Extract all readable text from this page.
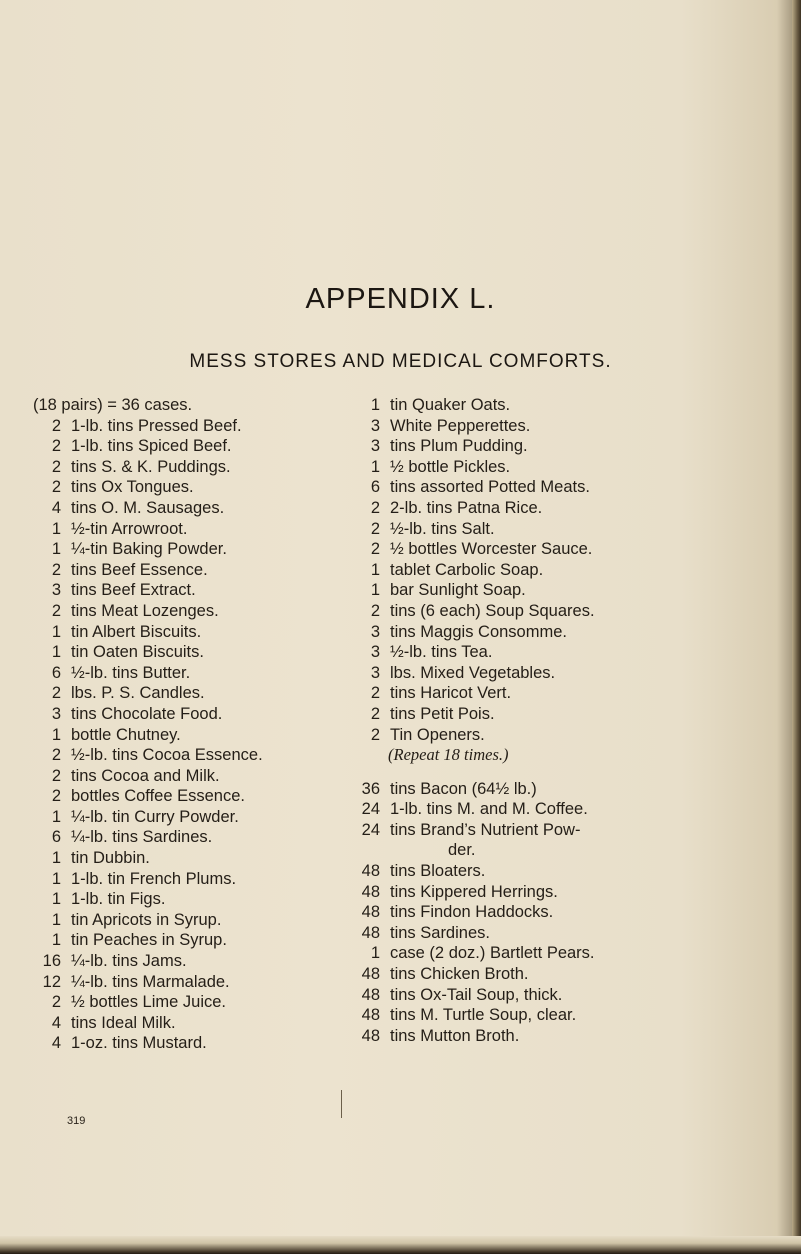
APPENDIX L.
MESS STORES AND MEDICAL COMFORTS.
(18 pairs) = 36 cases.
2 1-lb. tins Pressed Beef.
2 1-lb. tins Spiced Beef.
2 tins S. & K. Puddings.
2 tins Ox Tongues.
4 tins O. M. Sausages.
1 ½-tin Arrowroot.
1 ¼-tin Baking Powder.
2 tins Beef Essence.
3 tins Beef Extract.
2 tins Meat Lozenges.
1 tin Albert Biscuits.
1 tin Oaten Biscuits.
6 ½-lb. tins Butter.
2 lbs. P. S. Candles.
3 tins Chocolate Food.
1 bottle Chutney.
2 ½-lb. tins Cocoa Essence.
2 tins Cocoa and Milk.
2 bottles Coffee Essence.
1 ¼-lb. tin Curry Powder.
6 ¼-lb. tins Sardines.
1 tin Dubbin.
1 1-lb. tin French Plums.
1 1-lb. tin Figs.
1 tin Apricots in Syrup.
1 tin Peaches in Syrup.
16 ¼-lb. tins Jams.
12 ¼-lb. tins Marmalade.
2 ½ bottles Lime Juice.
4 tins Ideal Milk.
4 1-oz. tins Mustard.
1 tin Quaker Oats.
3 White Pepperettes.
3 tins Plum Pudding.
1 ½ bottle Pickles.
6 tins assorted Potted Meats.
2 2-lb. tins Patna Rice.
2 ½-lb. tins Salt.
2 ½ bottles Worcester Sauce.
1 tablet Carbolic Soap.
1 bar Sunlight Soap.
2 tins (6 each) Soup Squares.
3 tins Maggis Consomme.
3 ½-lb. tins Tea.
3 lbs. Mixed Vegetables.
2 tins Haricot Vert.
2 tins Petit Pois.
2 Tin Openers.
(Repeat 18 times.)
36 tins Bacon (64½ lb.)
24 1-lb. tins M. and M. Coffee.
24 tins Brand’s Nutrient Pow-
der.
48 tins Bloaters.
48 tins Kippered Herrings.
48 tins Findon Haddocks.
48 tins Sardines.
1 case (2 doz.) Bartlett Pears.
48 tins Chicken Broth.
48 tins Ox-Tail Soup, thick.
48 tins M. Turtle Soup, clear.
48 tins Mutton Broth.
319
